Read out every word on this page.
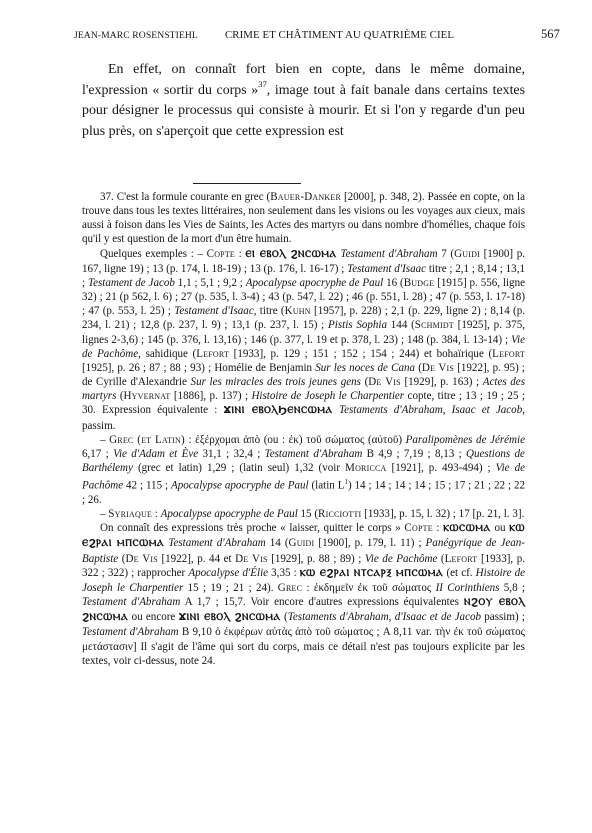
JEAN-MARC ROSENSTIEHL	CRIME ET CHÂTIMENT AU QUATRIÈME CIEL	567

En effet, on connaît fort bien en copte, dans le même domaine, l'expression « sortir du corps »$^{37}$, image tout à fait banale dans certains textes pour désigner le processus qui consiste à mourir. Et si l'on y regarde d'un peu plus près, on s'aperçoit que cette expression est

37. C'est la formule courante en grec (Bauer-Danker [2000], p. 348, 2). Passée en copte, on la trouve dans tous les textes littéraires, non seulement dans les visions ou les voyages aux cieux, mais aussi à foison dans les Vies de Saints, les Actes des martyrs ou dans nombre d'homélies, chaque fois qu'il y est question de la mort d'un être humain.

Quelques exemples : – Copte : ⲈⲒ ⲈⲂⲞⲖ ϨⲚⲤⲰⲘⲀ Testament d'Abraham 7 (Guidi [1900] p. 167, ligne 19) ; 13 (p. 174, l. 18-19) ; 13 (p. 176, l. 16-17) ; Testament d'Isaac titre ; 2,1 ; 8,14 ; 13,1 ; Testament de Jacob 1,1 ; 5,1 ; 9,2 ; Apocalypse apocryphe de Paul 16 (Budge [1915] p. 556, ligne 32) ; 21 (p 562, l. 6) ; 27 (p. 535, l. 3-4) ; 43 (p. 547, l. 22) ; 46 (p. 551, l. 28) ; 47 (p. 553, l. 17-18) ; 47 (p. 553, l. 25) ; Testament d'Isaac, titre (Kuhn [1957], p. 228) ; 2,1 (p. 229, ligne 2) ; 8,14 (p. 234, l. 21) ; 12,8 (p. 237, l. 9) ; 13,1 (p. 237, l. 15) ; Pistis Sophia 144 (Schmidt [1925], p. 375, lignes 2-3,6) ; 145 (p. 376, l. 13,16) ; 146 (p. 377, l. 19 et p. 378, l. 23) ; 148 (p. 384, l. 13-14) ; Vie de Pachôme, sahidique (Lefort [1933], p. 129 ; 151 ; 152 ; 154 ; 244) et bohaïrique (Lefort [1925], p. 26 ; 87 ; 88 ; 93) ; Homélie de Benjamin Sur les noces de Cana (De Vis [1922], p. 95) ; de Cyrille d'Alexandrie Sur les miracles des trois jeunes gens (De Vis [1929], p. 163) ; Actes des martyrs (Hyvernat [1886], p. 137) ; Histoire de Joseph le Charpentier copte, titre ; 13 ; 19 ; 25 ; 30. Expression équivalente : ϪⲒⲚⲒ ⲈⲂⲞⲖϦⲈⲚⲤⲰⲘⲀ Testaments d'Abraham, Isaac et Jacob, passim.

– Grec (et Latin) : ἐξέρχομαι ἀπὸ (ou : ἐκ) τοῦ σώματος (αὐτοῦ) Paralipomènes de Jérémie 6,17 ; Vie d'Adam et Ève 31,1 ; 32,4 ; Testament d'Abraham B 4,9 ; 7,19 ; 8,13 ; Questions de Barthélemy (grec et latin) 1,29 ; (latin seul) 1,32 (voir Moricca [1921], p. 493-494) ; Vie de Pachôme 42 ; 115 ; Apocalypse apocryphe de Paul (latin $L^1$) 14 ; 14 ; 14 ; 14 ; 15 ; 17 ; 21 ; 22 ; 22 ; 26.

– Syriaque : Apocalypse apocryphe de Paul 15 (Ricciotti [1933], p. 15, l. 32) ; 17 [p. 21, l. 3].

On connaît des expressions très proche « laisser, quitter le corps » Copte : ⲔⲰⲤⲰⲘⲀ ou ⲔⲰ ⲈϨⲢⲀⲒ ⲘⲠⲤⲰⲘⲀ Testament d'Abraham 14 (Guidi [1900], p. 179, l. 11) ; Panégyrique de Jean-Baptiste (De Vis [1922], p. 44 et De Vis [1929], p. 88 ; 89) ; Vie de Pachôme (Lefort [1933], p. 322 ; 322) ; rapprocher Apocalypse d'Élie 3,35 : ⲔⲰ ⲈϨⲢⲀⲒ ⲚⲦⲤⲀⲢⲜ ⲘⲠⲤⲰⲘⲀ (et cf. Histoire de Joseph le Charpentier 15 ; 19 ; 21 ; 24). Grec : ἐκδημεῖν ἐκ τοῦ σώματος II Corinthiens 5,8 ; Testament d'Abraham A 1,7 ; 15,7. Voir encore d'autres expressions équivalentes ⲚϨⲞⲨ ⲈⲂⲞⲖ ϨⲚⲤⲰⲘⲀ ou encore ϪⲒⲚⲒ ⲈⲂⲞⲖ ϨⲚⲤⲰⲘⲀ (Testaments d'Abraham, d'Isaac et de Jacob passim) ; Testament d'Abraham B 9,10 ὁ ἐκφέρων αὐτὰς ἀπὸ τοῦ σώματος ; A 8,11 var. τὴν ἐκ τοῦ σώματος μετάστασιν] Il s'agit de l'âme qui sort du corps, mais ce détail n'est pas toujours explicite par les textes, voir ci-dessus, note 24.
